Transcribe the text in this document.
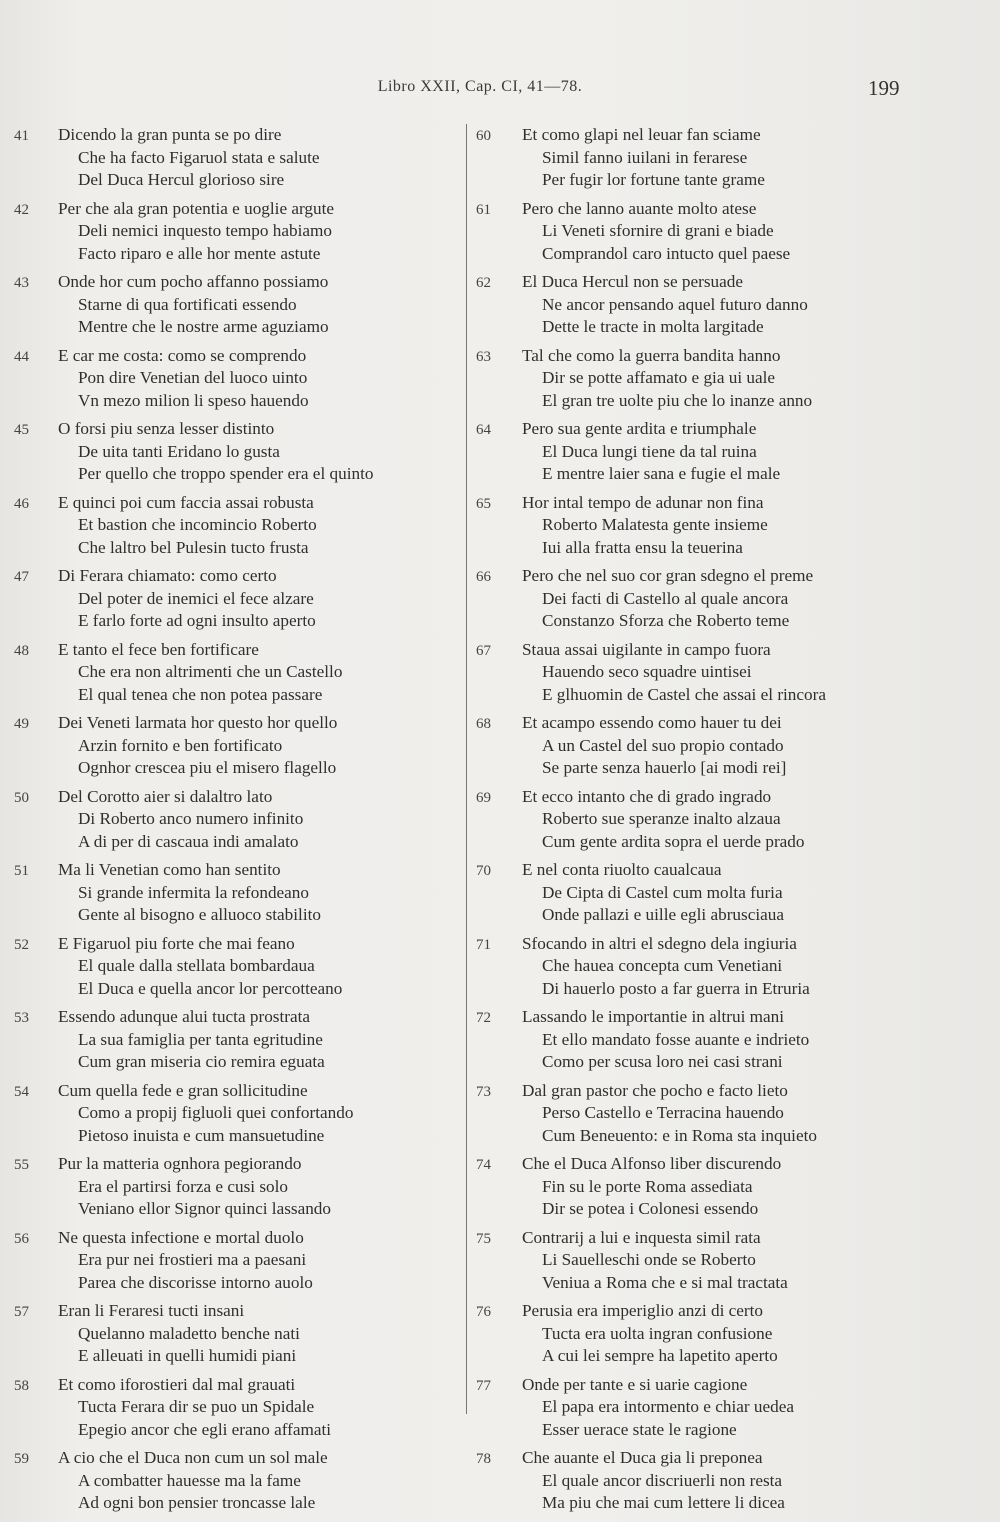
Libro XXII, Cap. CI, 41—78.	199
41	Dicendo la gran punta se po dire
Che ha facto Figaruol stata e salute
Del Duca Hercul glorioso sire
42	Per che ala gran potentia e uoglie argute
Deli nemici inquesto tempo habiamo
Facto riparo e alle hor mente astute
43	Onde hor cum pocho affanno possiamo
Starne di qua fortificati essendo
Mentre che le nostre arme aguziamo
44	E car me costa: como se comprendo
Pon dire Venetian del luoco uinto
Vn mezo milion li speso hauendo
45	O forsi piu senza lesser distinto
De uita tanti Eridano lo gusta
Per quello che troppo spender era el quinto
46	E quinci poi cum faccia assai robusta
Et bastion che incomincio Roberto
Che laltro bel Pulesin tucto frusta
47	Di Ferara chiamato: como certo
Del poter de inemici el fece alzare
E farlo forte ad ogni insulto aperto
48	E tanto el fece ben fortificare
Che era non altrimenti che un Castello
El qual tenea che non potea passare
49	Dei Veneti larmata hor questo hor quello
Arzin fornito e ben fortificato
Ognhor crescea piu el misero flagello
50	Del Corotto aier si dalaltro lato
Di Roberto anco numero infinito
A di per di cascaua indi amalato
51	Ma li Venetian como han sentito
Si grande infermita la refondeano
Gente al bisogno e alluoco stabilito
52	E Figaruol piu forte che mai feano
El quale dalla stellata bombardaua
El Duca e quella ancor lor percotteano
53	Essendo adunque alui tucta prostrata
La sua famiglia per tanta egritudine
Cum gran miseria cio remira eguata
54	Cum quella fede e gran sollicitudine
Como a propij figluoli quei confortando
Pietoso inuista e cum mansuetudine
55	Pur la matteria ognhora pegiorando
Era el partirsi forza e cusi solo
Veniano ellor Signor quinci lassando
56	Ne questa infectione e mortal duolo
Era pur nei frostieri ma a paesani
Parea che discorisse intorno auolo
57	Eran li Feraresi tucti insani
Quelanno maladetto benche nati
E alleuati in quelli humidi piani
58	Et como iforostieri dal mal grauati
Tucta Ferara dir se puo un Spidale
Epegio ancor che egli erano affamati
59	A cio che el Duca non cum un sol male
A combatter hauesse ma la fame
Ad ogni bon pensier troncasse lale
60	Et como glapi nel leuar fan sciame
Simil fanno iuilani in ferarese
Per fugir lor fortune tante grame
61	Pero che lanno auante molto atese
Li Veneti sfornire di grani e biade
Comprandol caro intucto quel paese
62	El Duca Hercul non se persuade
Ne ancor pensando aquel futuro danno
Dette le tracte in molta largitade
63	Tal che como la guerra bandita hanno
Dir se potte affamato e gia ui uale
El gran tre uolte piu che lo inanze anno
64	Pero sua gente ardita e triumphale
El Duca lungi tiene da tal ruina
E mentre laier sana e fugie el male
65	Hor intal tempo de adunar non fina
Roberto Malatesta gente insieme
Iui alla fratta ensu la teuerina
66	Pero che nel suo cor gran sdegno el preme
Dei facti di Castello al quale ancora
Constanzo Sforza che Roberto teme
67	Staua assai uigilante in campo fuora
Hauendo seco squadre uintisei
E glhuomin de Castel che assai el rincora
68	Et acampo essendo como hauer tu dei
A un Castel del suo propio contado
Se parte senza hauerlo [ai modi rei]
69	Et ecco intanto che di grado ingrado
Roberto sue speranze inalto alzaua
Cum gente ardita sopra el uerde prado
70	E nel conta riuolto caualcaua
De Cipta di Castel cum molta furia
Onde pallazi e uille egli abrusciaua
71	Sfocando in altri el sdegno dela ingiuria
Che hauea concepta cum Venetiani
Di hauerlo posto a far guerra in Etruria
72	Lassando le importantie in altrui mani
Et ello mandato fosse auante e indrieto
Como per scusa loro nei casi strani
73	Dal gran pastor che pocho e facto lieto
Perso Castello e Terracina hauendo
Cum Beneuento: e in Roma sta inquieto
74	Che el Duca Alfonso liber discurendo
Fin su le porte Roma assediata
Dir se potea i Colonesi essendo
75	Contrarij a lui e inquesta simil rata
Li Sauelleschi onde se Roberto
Veniua a Roma che e si mal tractata
76	Perusia era imperiglio anzi di certo
Tucta era uolta ingran confusione
A cui lei sempre ha lapetito aperto
77	Onde per tante e si uarie cagione
El papa era intormento e chiar uedea
Esser uerace state le ragione
78	Che auante el Duca gia li preponea
El quale ancor discriuerli non resta
Ma piu che mai cum lettere li dicea
